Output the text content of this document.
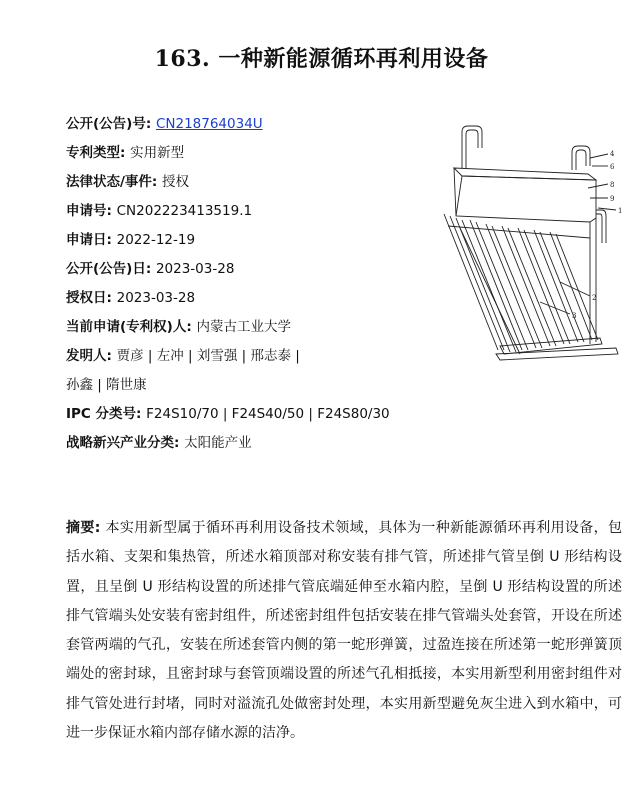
163. 一种新能源循环再利用设备
公开(公告)号: CN218764034U
专利类型: 实用新型
法律状态/事件: 授权
申请号: CN202223413519.1
申请日: 2022-12-19
公开(公告)日: 2023-03-28
授权日: 2023-03-28
当前申请(专利权)人: 内蒙古工业大学
发明人: 贾彦 | 左冲 | 刘雪强 | 邢志泰 |
孙鑫 | 隋世康
IPC 分类号: F24S10/70 | F24S40/50 | F24S80/30
战略新兴产业分类: 太阳能产业
4
6
8
9
1
2
3
摘要: 本实用新型属于循环再利用设备技术领域，具体为一种新能源循环再利用设备，包括水箱、支架和集热管，所述水箱顶部对称安装有排气管，所述排气管呈倒 U 形结构设置，且呈倒 U 形结构设置的所述排气管底端延伸至水箱内腔，呈倒 U 形结构设置的所述排气管端头处安装有密封组件，所述密封组件包括安装在排气管端头处套管，开设在所述套管两端的气孔，安装在所述套管内侧的第一蛇形弹簧，过盈连接在所述第一蛇形弹簧顶端处的密封球，且密封球与套管顶端设置的所述气孔相抵接，本实用新型利用密封组件对排气管处进行封堵，同时对溢流孔处做密封处理，本实用新型避免灰尘进入到水箱中，可进一步保证水箱内部存储水源的洁净。
